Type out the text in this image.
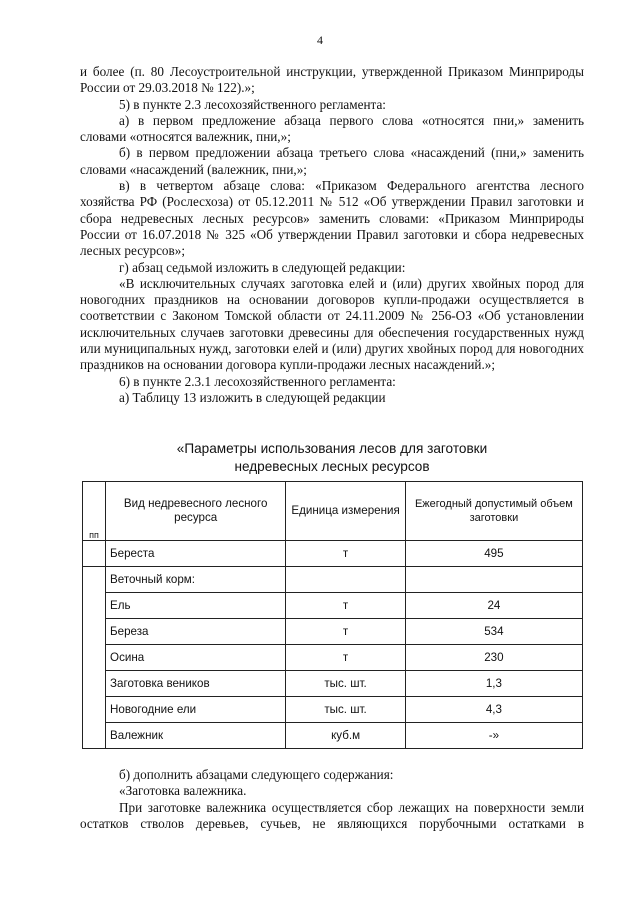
4

и более (п. 80 Лесоустроительной инструкции, утвержденной Приказом Минприроды России от 29.03.2018 № 122).»;

5) в пункте 2.3 лесохозяйственного регламента:

а) в первом предложение абзаца первого слова «относятся пни,» заменить словами «относятся валежник, пни,»;

б) в первом предложении абзаца третьего слова «насаждений (пни,» заменить словами «насаждений (валежник, пни,»;

в) в четвертом абзаце слова: «Приказом Федерального агентства лесного хозяйства РФ (Рослесхоза) от 05.12.2011 № 512 «Об утверждении Правил заготовки и сбора недревесных лесных ресурсов» заменить словами: «Приказом Минприроды России от 16.07.2018 № 325 «Об утверждении Правил заготовки и сбора недревесных лесных ресурсов»;

г) абзац седьмой изложить в следующей редакции:

«В исключительных случаях заготовка елей и (или) других хвойных пород для новогодних праздников на основании договоров купли-продажи осуществляется в соответствии с Законом Томской области от 24.11.2009 № 256-ОЗ «Об установлении исключительных случаев заготовки древесины для обеспечения государственных нужд или муниципальных нужд, заготовки елей и (или) других хвойных пород для новогодних праздников на основании договора купли-продажи лесных насаждений.»;

6) в пункте 2.3.1 лесохозяйственного регламента:

а) Таблицу 13 изложить в следующей редакции

«Параметры использования лесов для заготовки
недревесных лесных ресурсов
пп	Вид недревесного лесного ресурса	Единица измерения	Ежегодный допустимый объем заготовки
	Береста	т	495
	Веточный корм:		
	Ель	т	24
	Береза	т	534
	Осина	т	230
	Заготовка веников	тыс. шт.	1,3
	Новогодние ели	тыс. шт.	4,3
	Валежник	куб.м	-»

б) дополнить абзацами следующего содержания:

«Заготовка валежника.

При заготовке валежника осуществляется сбор лежащих на поверхности земли остатков стволов деревьев, сучьев, не являющихся порубочными остатками в
